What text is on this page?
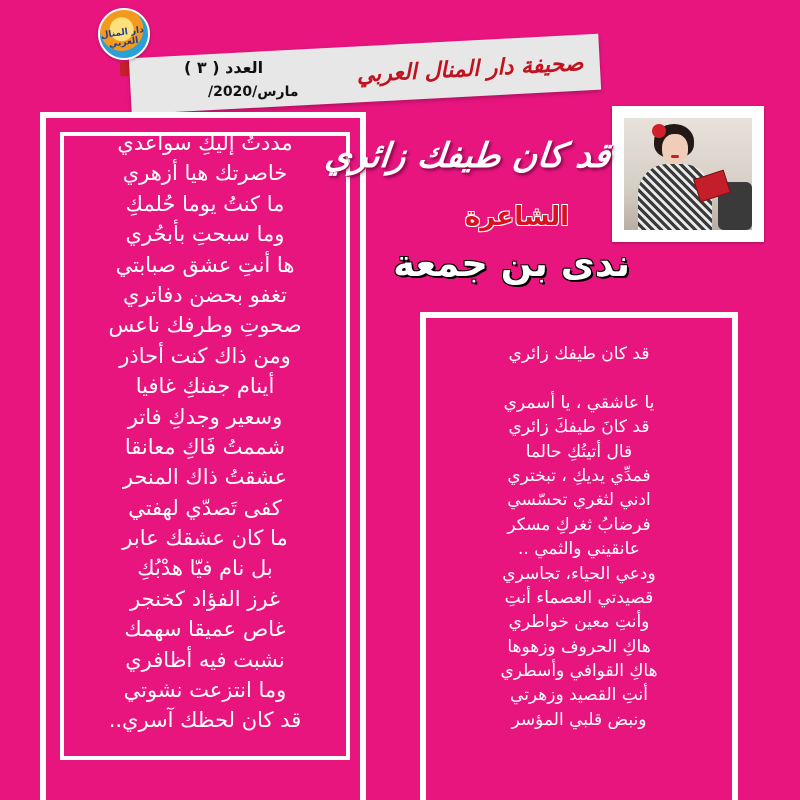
دار المنال العربي
صحيفة دار المنال العربي
العدد ( ٣ )
مارس/2020/
قد كان طيفك زائري
الشاعرة
ندى بن جمعة
مددتُ إليكِ سواعدي
خاصرتك هيا أزهري
ما كنتُ يوما حُلمكِ
وما سبحتِ بأبحُري
ها أنتِ عشق صبابتي
تغفو بحضن دفاتري
صحوتِ وطرفك ناعس
ومن ذاك كنت أحاذر
أينام جفنكِ غافيا
وسعير وجدكِ فاتر
شممتُ فَاكِ معانقا
عشقتُ ذاك المنحر
كفى تَصدّي لهفتي
ما كان عشقك عابر
بل نام فيّا هدْبُكِ
غرز الفؤاد كخنجر
غاص عميقا سهمك
نشبت فيه أظافري
وما انتزعت نشوتي
قد كان لحظك آسري..
قد كان طيفك زائري
يا عاشقي ، يا أسمري
قد كانَ طيفكَ زائري
قال أتيتُكِ حالما
فمدِّي يديكِ ، تبختري
ادني لثغري تحسّسي
فرضابُ ثغركِ مسكر
عانقيني والثمي ..
ودعي الحياء، تجاسري
قصيدتي العصماء أنتِ
وأنتِ معين خواطري
هاكِ الحروف وزهوها
هاكِ القوافي وأسطري
أنتِ القصيد وزهرتي
ونبض قلبي المؤسر
